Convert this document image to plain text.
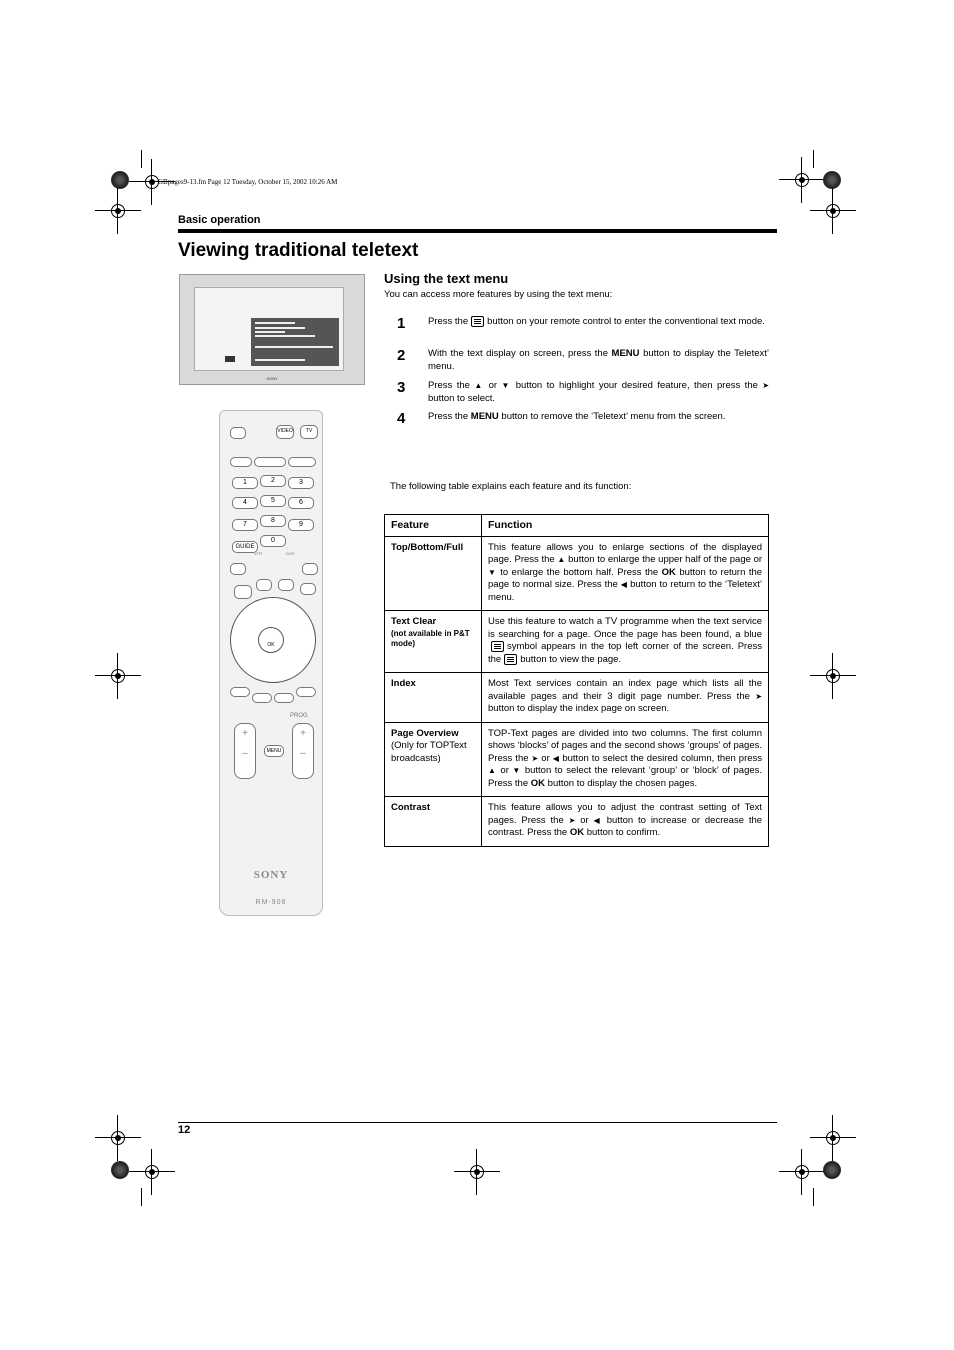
GBpages9-13.fm Page 12 Tuesday, October 15, 2002 10:26 AM
Basic operation
Viewing traditional teletext
SONY
VIDEO	TV
1	2	3
4	5	6
7
8
9
0
GUIDE
VTR	DVD
OK
PROG
+
–	MENU
+
–
SONY
RM-908
Using the text menu
You can access more features by using the text menu:
1 Press the button on your remote control to enter the conventional text mode.
2 With the text display on screen, press the MENU button to display the Teletext’ menu.
3 Press the ▲ or ▼ button to highlight your desired feature, then press the ➤ button to select.
4 Press the MENU button to remove the ‘Teletext’ menu from the screen.
The following table explains each feature and its function:
Feature	Function
Top/Bottom/Full	This feature allows you to enlarge sections of the displayed page. Press the ▲ button to enlarge the upper half of the page or ▼ to enlarge the bottom half. Press the OK button to return the page to normal size. Press the ◀ button to return to the ‘Teletext’ menu.
Text Clear
(not available in P&T mode)	Use this feature to watch a TV programme when the text service is searching for a page. Once the page has been found, a bluesymbol appears in the top left corner of the screen. Press the button to view the page.
Index	Most Text services contain an index page which lists all the available pages and their 3 digit page number. Press the ➤ button to display the index page on screen.
Page Overview
(Only for TOPText broadcasts)	TOP-Text pages are divided into two columns. The first column shows ‘blocks’ of pages and the second shows ‘groups’ of pages. Press the ➤ or ◀ button to select the desired column, then press ▲ or ▼ button to select the relevant ‘group’ or ‘block’ of pages. Press the OK button to display the chosen pages.
Contrast	This feature allows you to adjust the contrast setting of Text pages. Press the ➤ or ◀ button to increase or decrease the contrast. Press the OK button to confirm.
12
